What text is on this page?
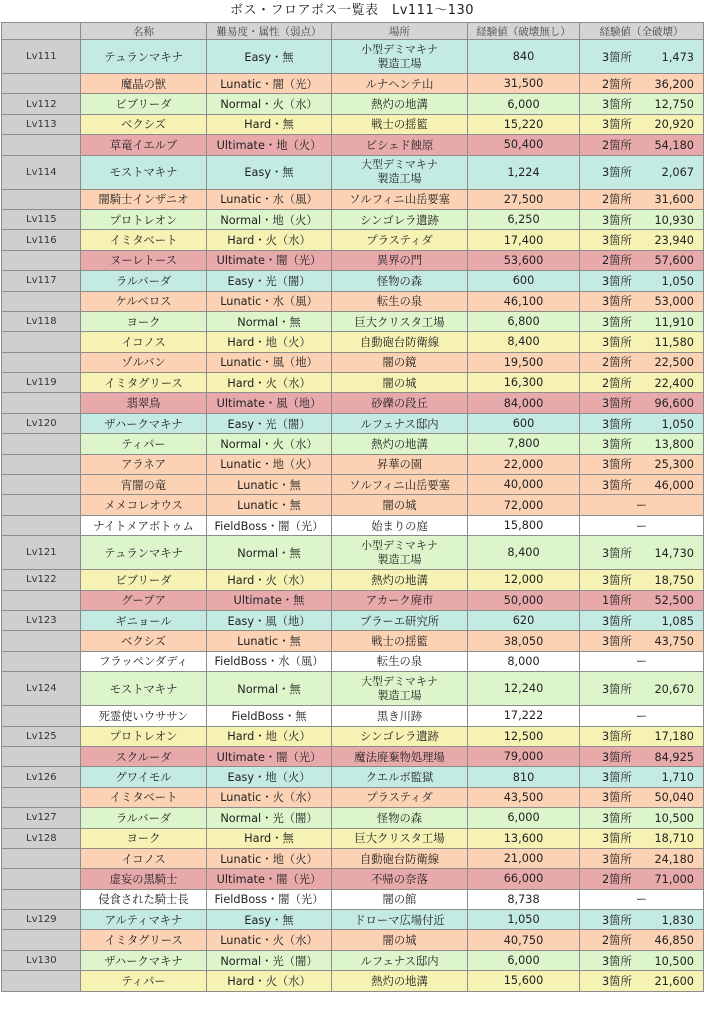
ボス・フロアボス一覧表　Lv111〜130
	名称	難易度・属性（弱点）	場所	経験値（破壊無し）	経験値（全破壊）
Lv111	テュランマキナ	Easy・無	小型デミマキナ
製造工場	840	3箇所 1,473
	魔晶の獣	Lunatic・闇（光）	ルナヘンテ山	31,500	2箇所 36,200
Lv112	ビブリーダ	Normal・火（水）	熱灼の地溝	6,000	3箇所 12,750
Lv113	ベクシズ	Hard・無	戦士の揺籃	15,220	3箇所 20,920
	草竜イエルブ	Ultimate・地（火）	ビシェド蝕原	50,400	2箇所 54,180
Lv114	モストマキナ	Easy・無	大型デミマキナ
製造工場	1,224	3箇所 2,067
	闇騎士インザニオ	Lunatic・水（風）	ソルフィニ山岳要塞	27,500	2箇所 31,600
Lv115	プロトレオン	Normal・地（火）	シンゴレラ遺跡	6,250	3箇所 10,930
Lv116	イミタベート	Hard・火（水）	プラスティダ	17,400	3箇所 23,940
	ヌーレトース	Ultimate・闇（光）	異界の門	53,600	2箇所 57,600
Lv117	ラルバーダ	Easy・光（闇）	怪物の森	600	3箇所 1,050
	ケルベロス	Lunatic・水（風）	転生の泉	46,100	3箇所 53,000
Lv118	ヨーク	Normal・無	巨大クリスタ工場	6,800	3箇所 11,910
	イコノス	Hard・地（火）	自動砲台防衛線	8,400	3箇所 11,580
	ゾルバン	Lunatic・風（地）	闇の鏡	19,500	2箇所 22,500
Lv119	イミタグリース	Hard・火（水）	闇の城	16,300	2箇所 22,400
	翡翠鳥	Ultimate・風（地）	砂礫の段丘	84,000	3箇所 96,600
Lv120	ザハークマキナ	Easy・光（闇）	ルフェナス邸内	600	3箇所 1,050
	ティパー	Normal・火（水）	熱灼の地溝	7,800	3箇所 13,800
	アラネア	Lunatic・地（火）	昇華の園	22,000	3箇所 25,300
	宵闇の竜	Lunatic・無	ソルフィニ山岳要塞	40,000	3箇所 46,000
	メメコレオウス	Lunatic・無	闇の城	72,000	ー
	ナイトメアボトゥム	FieldBoss・闇（光）	始まりの庭	15,800	ー
Lv121	テュランマキナ	Normal・無	小型デミマキナ
製造工場	8,400	3箇所 14,730
Lv122	ビブリーダ	Hard・火（水）	熱灼の地溝	12,000	3箇所 18,750
	グーブア	Ultimate・無	アカーク廃市	50,000	1箇所 52,500
Lv123	ギニョール	Easy・風（地）	ブラーエ研究所	620	3箇所 1,085
	ベクシズ	Lunatic・無	戦士の揺籃	38,050	3箇所 43,750
	フラッペンダディ	FieldBoss・水（風）	転生の泉	8,000	ー
Lv124	モストマキナ	Normal・無	大型デミマキナ
製造工場	12,240	3箇所 20,670
	死霊使いウササン	FieldBoss・無	黒き川跡	17,222	ー
Lv125	プロトレオン	Hard・地（火）	シンゴレラ遺跡	12,500	3箇所 17,180
	スクルーダ	Ultimate・闇（光）	魔法廃棄物処理場	79,000	3箇所 84,925
Lv126	グワイモル	Easy・地（火）	クエルボ監獄	810	3箇所 1,710
	イミタベート	Lunatic・火（水）	プラスティダ	43,500	3箇所 50,040
Lv127	ラルバーダ	Normal・光（闇）	怪物の森	6,000	3箇所 10,500
Lv128	ヨーク	Hard・無	巨大クリスタ工場	13,600	3箇所 18,710
	イコノス	Lunatic・地（火）	自動砲台防衛線	21,000	3箇所 24,180
	虚妄の黒騎士	Ultimate・闇（光）	不帰の奈落	66,000	2箇所 71,000
	侵食された騎士長	FieldBoss・闇（光）	闇の館	8,738	ー
Lv129	アルティマキナ	Easy・無	ドローマ広場付近	1,050	3箇所 1,830
	イミタグリース	Lunatic・火（水）	闇の城	40,750	2箇所 46,850
Lv130	ザハークマキナ	Normal・光（闇）	ルフェナス邸内	6,000	3箇所 10,500
	ティパー	Hard・火（水）	熱灼の地溝	15,600	3箇所 21,600
